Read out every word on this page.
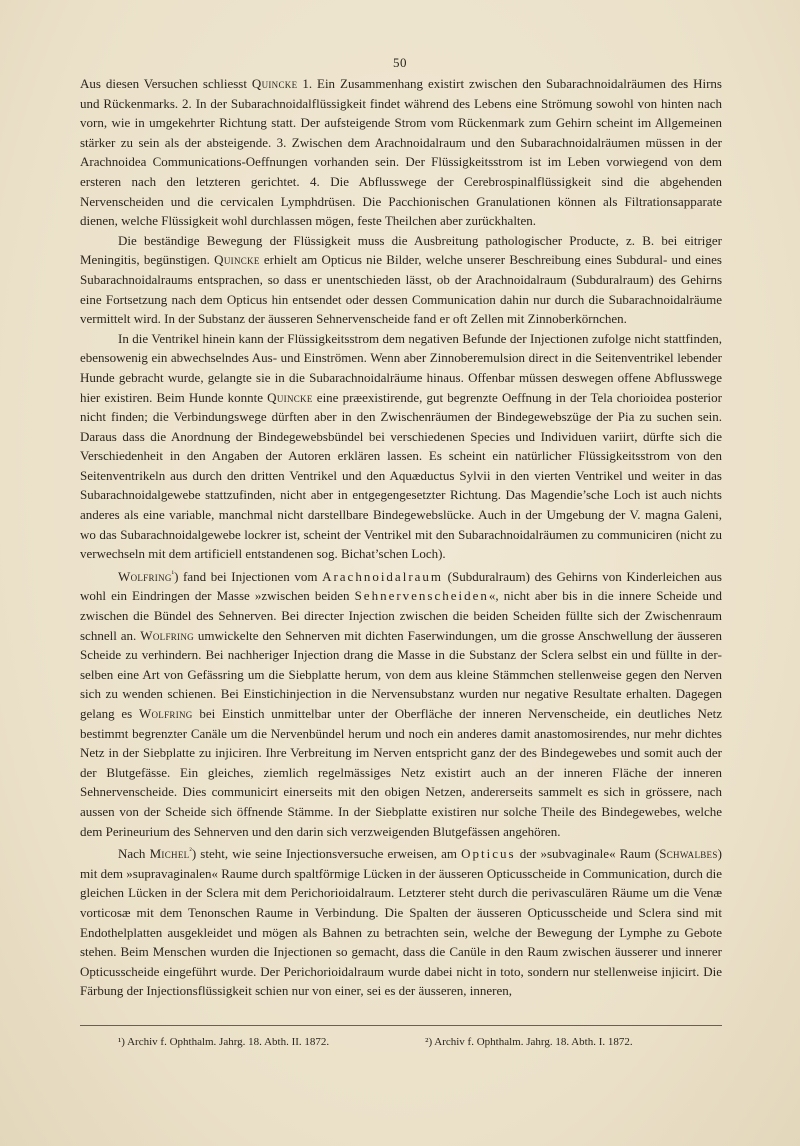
50

Aus diesen Versuchen schliesst Quincke 1. Ein Zusammenhang existirt zwischen den Subarachnoidalräumen des Hirns und Rückenmarks. 2. In der Subarachnoidalflüssigkeit findet während des Lebens eine Strömung sowohl von hinten nach vorn, wie in umgekehrter Richtung statt. Der aufsteigende Strom vom Rückenmark zum Gehirn scheint im Allgemeinen stärker zu sein als der absteigende. 3. Zwischen dem Arachnoidalraum und den Subarachnoidalräumen müssen in der Arachnoidea Communications-Oeffnungen vorhanden sein. Der Flüssigkeitsstrom ist im Leben vorwiegend von dem ersteren nach den letzteren gerichtet. 4. Die Abflusswege der Cerebrospinalflüssigkeit sind die abgehenden Nervenscheiden und die cervicalen Lymphdrüsen. Die Pacchionischen Granulationen können als Filtrationsapparate dienen, welche Flüssigkeit wohl durchlassen mögen, feste Theilchen aber zurückhalten.

Die beständige Bewegung der Flüssigkeit muss die Ausbreitung pathologischer Producte, z. B. bei eitriger Meningitis, begünstigen. Quincke erhielt am Opticus nie Bilder, welche unserer Beschreibung eines Subdural- und eines Subarachnoidalraums entsprachen, so dass er unentschieden lässt, ob der Arachnoidalraum (Subduralraum) des Gehirns eine Fortsetzung nach dem Opticus hin entsendet oder dessen Communication dahin nur durch die Subarachnoidalräume vermittelt wird. In der Substanz der äusseren Sehnervenscheide fand er oft Zellen mit Zinnoberkörnchen.

In die Ventrikel hinein kann der Flüssigkeitsstrom dem negativen Befunde der Injectionen zufolge nicht stattfinden, ebensowenig ein abwechselndes Aus- und Einströmen. Wenn aber Zinnoberemulsion direct in die Seitenventrikel lebender Hunde gebracht wurde, gelangte sie in die Subarachnoidalräume hinaus. Offenbar müssen deswegen offene Abflusswege hier existiren. Beim Hunde konnte Quincke eine præexistirende, gut begrenzte Oeffnung in der Tela chorioidea posterior nicht finden; die Verbindungswege dürften aber in den Zwischenräumen der Bindegewebszüge der Pia zu suchen sein. Daraus dass die Anordnung der Bindegewebsbündel bei verschiedenen Species und Individuen variirt, dürfte sich die Verschiedenheit in den Angaben der Autoren erklären lassen. Es scheint ein natürlicher Flüssigkeitsstrom von den Seitenventrikeln aus durch den dritten Ventrikel und den Aquæductus Sylvii in den vierten Ventrikel und weiter in das Subarachnoidalgewebe stattzufinden, nicht aber in entgegengesetzter Richtung. Das Magendie’sche Loch ist auch nichts anderes als eine variable, manchmal nicht darstellbare Bindegewebslücke. Auch in der Umgebung der V. magna Galeni, wo das Subarachnoidalgewebe lockrer ist, scheint der Ventrikel mit den Subarachnoidalräumen zu communiciren (nicht zu verwechseln mit dem artificiell entstandenen sog. Bichat’schen Loch).

Wolfring$^{^1}$) fand bei Injectionen vom Arachnoidalraum (Subduralraum) des Gehirns von Kinderleichen aus wohl ein Eindringen der Masse »zwischen beiden Sehnervenscheiden«, nicht aber bis in die innere Scheide und zwischen die Bündel des Sehnerven. Bei directer Injection zwischen die beiden Scheiden füllte sich der Zwischenraum schnell an. Wolfring umwickelte den Sehnerven mit dichten Faserwindungen, um die grosse Anschwellung der äusseren Scheide zu verhindern. Bei nachheriger Injection drang die Masse in die Substanz der Sclera selbst ein und füllte in derselben eine Art von Gefässring um die Siebplatte herum, von dem aus kleine Stämmchen stellenweise gegen den Nerven sich zu wenden schienen. Bei Einstichinjection in die Nervensubstanz wurden nur negative Resultate erhalten. Dagegen gelang es Wolfring bei Einstich unmittelbar unter der Oberfläche der inneren Nervenscheide, ein deutliches Netz bestimmt begrenzter Canäle um die Nervenbündel herum und noch ein anderes damit anastomosirendes, nur mehr dichtes Netz in der Siebplatte zu injiciren. Ihre Verbreitung im Nerven entspricht ganz der des Bindegewebes und somit auch der der Blutgefässe. Ein gleiches, ziemlich regelmässiges Netz existirt auch an der inneren Fläche der inneren Sehnervenscheide. Dies communicirt einerseits mit den obigen Netzen, andererseits sammelt es sich in grössere, nach aussen von der Scheide sich öffnende Stämme. In der Siebplatte existiren nur solche Theile des Bindegewebes, welche dem Perineurium des Sehnerven und den darin sich verzweigenden Blutgefässen angehören.

Nach Michel$^{^2}$) steht, wie seine Injectionsversuche erweisen, am Opticus der »subvaginale« Raum (Schwalbes) mit dem »supravaginalen« Raume durch spaltförmige Lücken in der äusseren Opticusscheide in Communication, durch die gleichen Lücken in der Sclera mit dem Perichorioidalraum. Letzterer steht durch die perivasculären Räume um die Venæ vorticosæ mit dem Tenonschen Raume in Verbindung. Die Spalten der äusseren Opticusscheide und Sclera sind mit Endothelplatten ausgekleidet und mögen als Bahnen zu betrachten sein, welche der Bewegung der Lymphe zu Gebote stehen. Beim Menschen wurden die Injectionen so gemacht, dass die Canüle in den Raum zwischen äusserer und innerer Opticusscheide eingeführt wurde. Der Perichorioidalraum wurde dabei nicht in toto, sondern nur stellenweise injicirt. Die Färbung der Injectionsflüssigkeit schien nur von einer, sei es der äusseren, inneren,

¹) Archiv f. Ophthalm. Jahrg. 18. Abth. II. 1872.	²) Archiv f. Ophthalm. Jahrg. 18. Abth. I. 1872.
